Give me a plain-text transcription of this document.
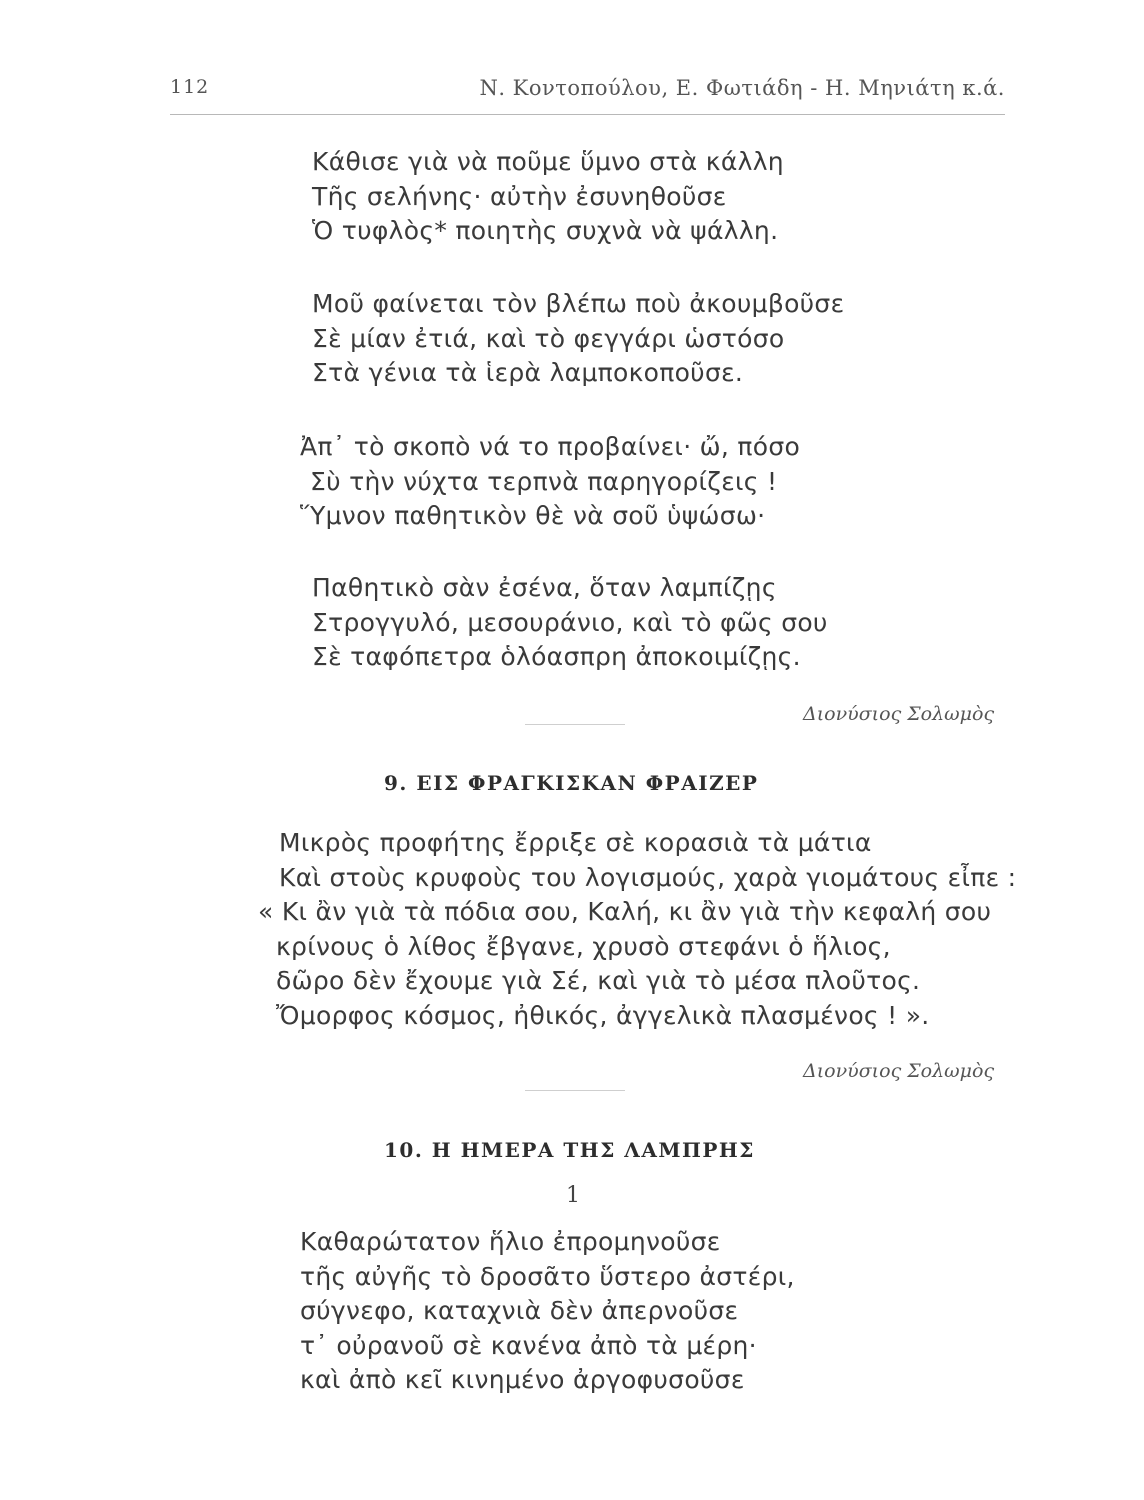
112	Ν. Κοντοπούλου, Ε. Φωτιάδη - Η. Μηνιάτη κ.ά.
Κάθισε γιὰ νὰ ποῦμε ὕμνο στὰ κάλλη
Τῆς σελήνης· αὐτὴν ἐσυνηθοῦσε
Ὁ τυφλὸς* ποιητὴς συχνὰ νὰ ψάλλη.
Μοῦ φαίνεται τὸν βλέπω ποὺ ἀκουμβοῦσε
Σὲ μίαν ἐτιά, καὶ τὸ φεγγάρι ὡστόσο
Στὰ γένια τὰ ἱερὰ λαμποκοποῦσε.
Ἀπ᾿ τὸ σκοπὸ νά το προβαίνει· ὤ, πόσο
Σὺ τὴν νύχτα τερπνὰ παρηγορίζεις !
Ὕμνον παθητικὸν θὲ νὰ σοῦ ὑψώσω·
Παθητικὸ σὰν ἐσένα, ὅταν λαμπίζῃς
Στρογγυλό, μεσουράνιο, καὶ τὸ φῶς σου
Σὲ ταφόπετρα ὁλόασπρη ἀποκοιμίζῃς.
Διονύσιος Σολωμὸς
9. ΕΙΣ ΦΡΑΓΚΙΣΚΑΝ ΦΡΑΙΖΕΡ
Μικρὸς προφήτης ἔρριξε σὲ κορασιὰ τὰ μάτια
Καὶ στοὺς κρυφοὺς του λογισμούς, χαρὰ γιομάτους εἶπε :
« Κι ἂν γιὰ τὰ πόδια σου, Καλή, κι ἂν γιὰ τὴν κεφαλή σου
κρίνους ὁ λίθος ἔβγανε, χρυσὸ στεφάνι ὁ ἥλιος,
δῶρο δὲν ἔχουμε γιὰ Σέ, καὶ γιὰ τὸ μέσα πλοῦτος.
Ὄμορφος κόσμος, ἠθικός, ἀγγελικὰ πλασμένος ! ».
Διονύσιος Σολωμὸς
10. Η ΗΜΕΡΑ ΤΗΣ ΛΑΜΠΡΗΣ
1
Καθαρώτατον ἥλιο ἐπρομηνοῦσε
τῆς αὐγῆς τὸ δροσᾶτο ὕστερο ἀστέρι,
σύγνεφο, καταχνιὰ δὲν ἀπερνοῦσε
τ᾿ οὐρανοῦ σὲ κανένα ἀπὸ τὰ μέρη·
καὶ ἀπὸ κεῖ κινημένο ἀργοφυσοῦσε
